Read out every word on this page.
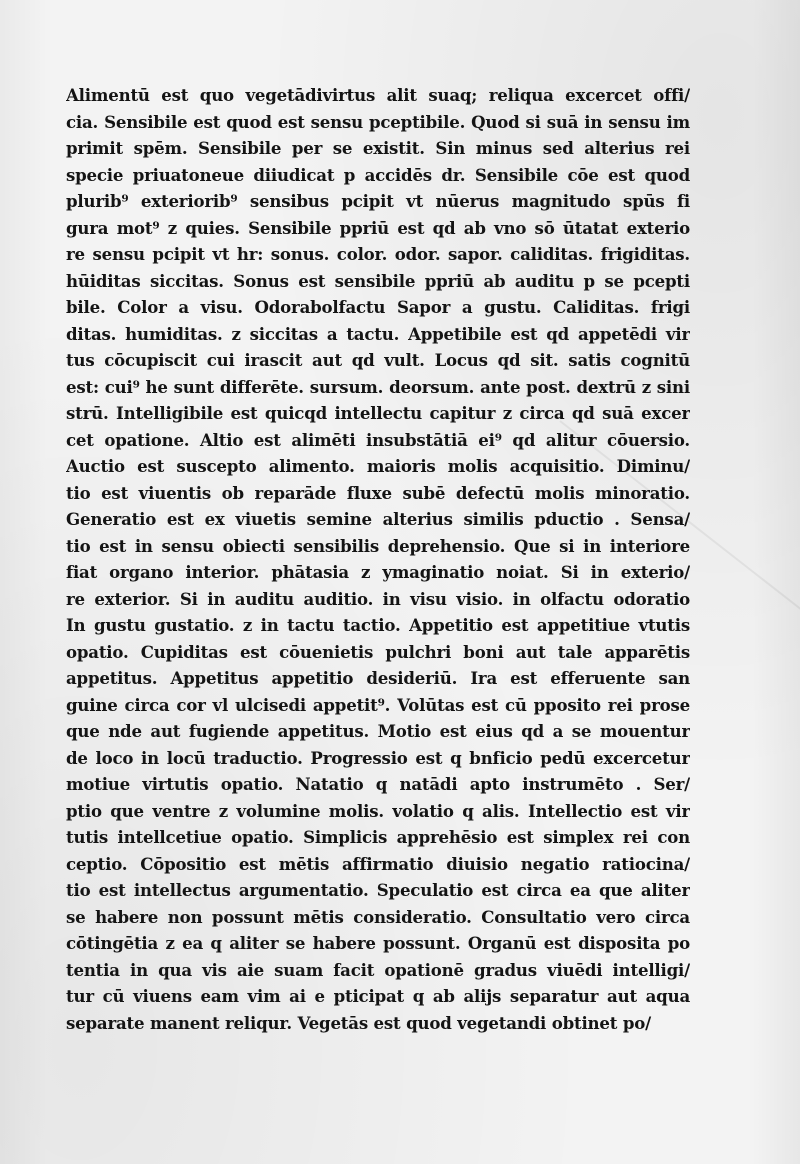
Alimentū est quo vegetādivirtus alit suaq; reliqua excercet offi/
cia. Sensibile est quod est sensu pceptibile. Quod si suā in sensu im
primit spēm. Sensibile per se existit. Sin minus sed alterius rei
specie priuatoneue diiudicat p accidēs dr. Sensibile cōe est quod
plurib⁹ exteriorib⁹ sensibus pcipit vt nūerus magnitudo spūs fi
gura mot⁹ z quies. Sensibile ppriū est qd ab vno sō ūtatat exterio
re sensu pcipit vt hr: sonus. color. odor. sapor. caliditas. frigiditas.
hūiditas siccitas. Sonus est sensibile ppriū ab auditu p se pcepti
bile. Color a visu. Odorabolfactu Sapor a gustu. Caliditas. frigi
ditas. humiditas. z siccitas a tactu. Appetibile est qd appetēdi vir
tus cōcupiscit cui irascit aut qd vult. Locus qd sit. satis cognitū
est: cui⁹ he sunt differēte. sursum. deorsum. ante post. dextrū z sini
strū. Intelligibile est quicqd intellectu capitur z circa qd suā excer
cet opatione. Altio est alimēti insubstātiā ei⁹ qd alitur cōuersio.
Auctio est suscepto alimento. maioris molis acquisitio. Diminu/
tio est viuentis ob reparāde fluxe subē defectū molis minoratio.
Generatio est ex viuetis semine alterius similis pductio . Sensa/
tio est in sensu obiecti sensibilis deprehensio. Que si in interiore
fiat organo interior. phātasia z ymaginatio noiat. Si in exterio/
re exterior. Si in auditu auditio. in visu visio. in olfactu odoratio
In gustu gustatio. z in tactu tactio. Appetitio est appetitiue vtutis
opatio. Cupiditas est cōuenietis pulchri boni aut tale apparētis
appetitus. Appetitus appetitio desideriū. Ira est efferuente san
guine circa cor vl ulcisedi appetit⁹. Volūtas est cū pposito rei prose
que nde aut fugiende appetitus. Motio est eius qd a se mouentur
de loco in locū traductio. Progressio est q bnficio pedū excercetur
motiue virtutis opatio. Natatio q natādi apto instrumēto . Ser/
ptio que ventre z volumine molis. volatio q alis. Intellectio est vir
tutis intellcetiue opatio. Simplicis apprehēsio est simplex rei con
ceptio. Cōpositio est mētis affirmatio diuisio negatio ratiocina/
tio est intellectus argumentatio. Speculatio est circa ea que aliter
se habere non possunt mētis consideratio. Consultatio vero circa
cōtingētia z ea q aliter se habere possunt. Organū est disposita po
tentia in qua vis aie suam facit opationē gradus viuēdi intelligi/
tur cū viuens eam vim ai e pticipat q ab alijs separatur aut aqua
separate manent reliqur. Vegetās est quod vegetandi obtinet po/
